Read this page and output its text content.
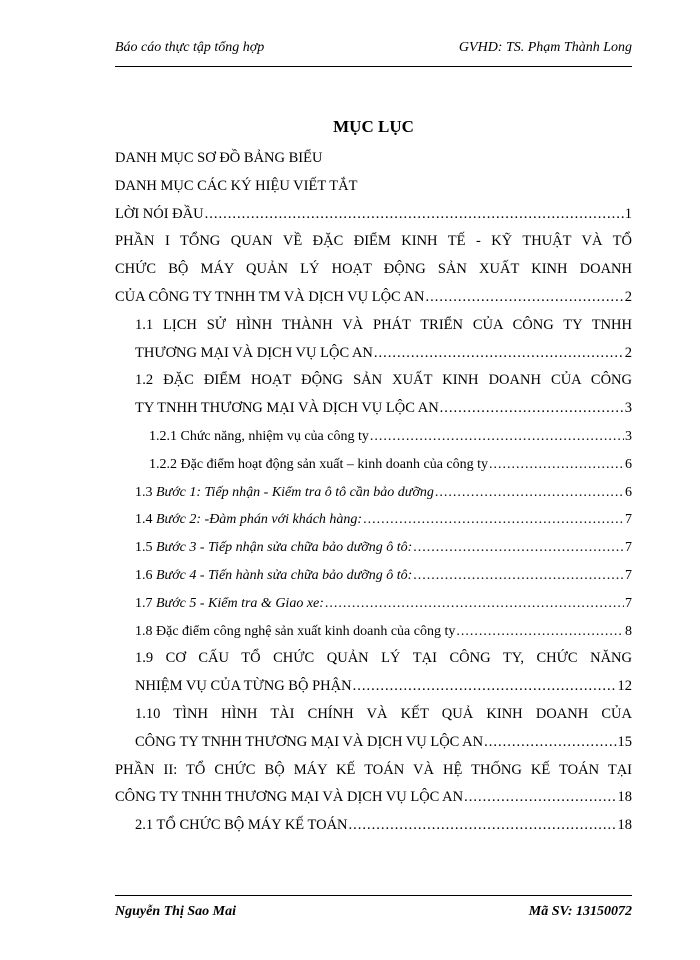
Báo cáo thực tập tổng hợp	GVHD: TS. Phạm Thành Long
MỤC LỤC
DANH MỤC SƠ ĐỒ BẢNG BIỂU
DANH MỤC CÁC KÝ HIỆU VIẾT TẮT
LỜI NÓI ĐẦU .....	1
PHẦN I TỔNG QUAN VỀ ĐẶC ĐIỂM KINH TẾ - KỸ THUẬT VÀ TỔ
CHỨC BỘ MÁY QUẢN LÝ HOẠT ĐỘNG SẢN XUẤT KINH DOANH
CỦA CÔNG TY TNHH TM VÀ DỊCH VỤ LỘC AN .....	2
1.1 LỊCH SỬ HÌNH THÀNH VÀ PHÁT TRIỂN CỦA CÔNG TY TNHH
THƯƠNG MẠI VÀ DỊCH VỤ LỘC AN .....	2
1.2 ĐẶC ĐIỂM HOẠT ĐỘNG SẢN XUẤT KINH DOANH CỦA CÔNG
TY TNHH THƯƠNG MẠI VÀ DỊCH VỤ LỘC AN .....	3
1.2.1 Chức năng, nhiệm vụ của công ty .....	3
1.2.2 Đặc điểm hoạt động sản xuất – kinh doanh của công ty .....	6
1.3 Bước 1: Tiếp nhận - Kiểm tra ô tô cần bảo dưỡng .....	6
1.4 Bước 2: -Đàm phán với khách hàng: .....	7
1.5 Bước 3 - Tiếp nhận sửa chữa bảo dưỡng ô tô: .....	7
1.6 Bước 4 - Tiến hành sửa chữa bảo dưỡng ô tô: .....	7
1.7 Bước 5 - Kiểm tra & Giao xe: .....	7
1.8 Đặc điểm công nghệ sản xuất kinh doanh của công ty .....	8
1.9 CƠ CẤU TỔ CHỨC QUẢN LÝ TẠI CÔNG TY, CHỨC NĂNG
NHIỆM VỤ CỦA TỪNG BỘ PHẬN .....	12
1.10 TÌNH HÌNH TÀI CHÍNH VÀ KẾT QUẢ KINH DOANH CỦA
CÔNG TY TNHH THƯƠNG MẠI VÀ DỊCH VỤ LỘC AN .....	15
PHẦN II: TỔ CHỨC BỘ MÁY KẾ TOÁN VÀ HỆ THỐNG KẾ TOÁN TẠI
CÔNG TY TNHH THƯƠNG MẠI VÀ DỊCH VỤ LỘC AN .....	18
2.1 TỔ CHỨC BỘ MÁY KẾ TOÁN .....	18
Nguyễn Thị Sao Mai	Mã SV: 13150072
